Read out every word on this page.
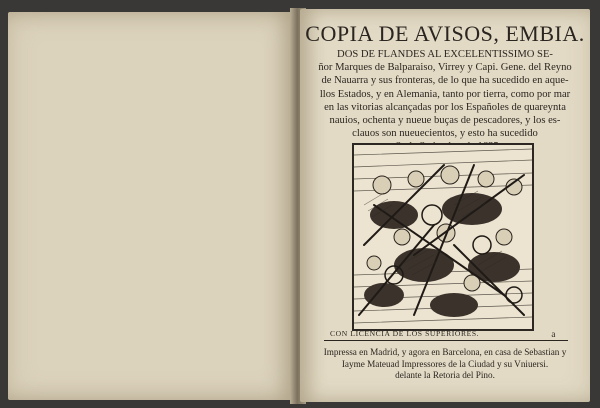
COPIA DE AVISOS, EMBIA.
DOS DE FLANDES AL EXCELENTISSIMO SE-
ñor Marques de Balparaiso, Virrey y Capi. Gene. del Reyno
de Nauarra y sus fronteras, de lo que ha sucedido en aque-
llos Estados, y en Alemania, tanto por tierra, como por mar
en las vitorias alcançadas por los Españoles de quareynta
nauios, ochenta y nueue buças de pescadores, y los es-
clauos son nueuecientos, y esto ha sucedido
CON LICENCIA DE LOS SUPERIORES.	a
Impressa en Madrid, y agora en Barcelona, en casa de Sebastian y
Iayme Mateuad Impressores de la Ciudad y su Vniuersi.
delante la Retoria del Pino.
